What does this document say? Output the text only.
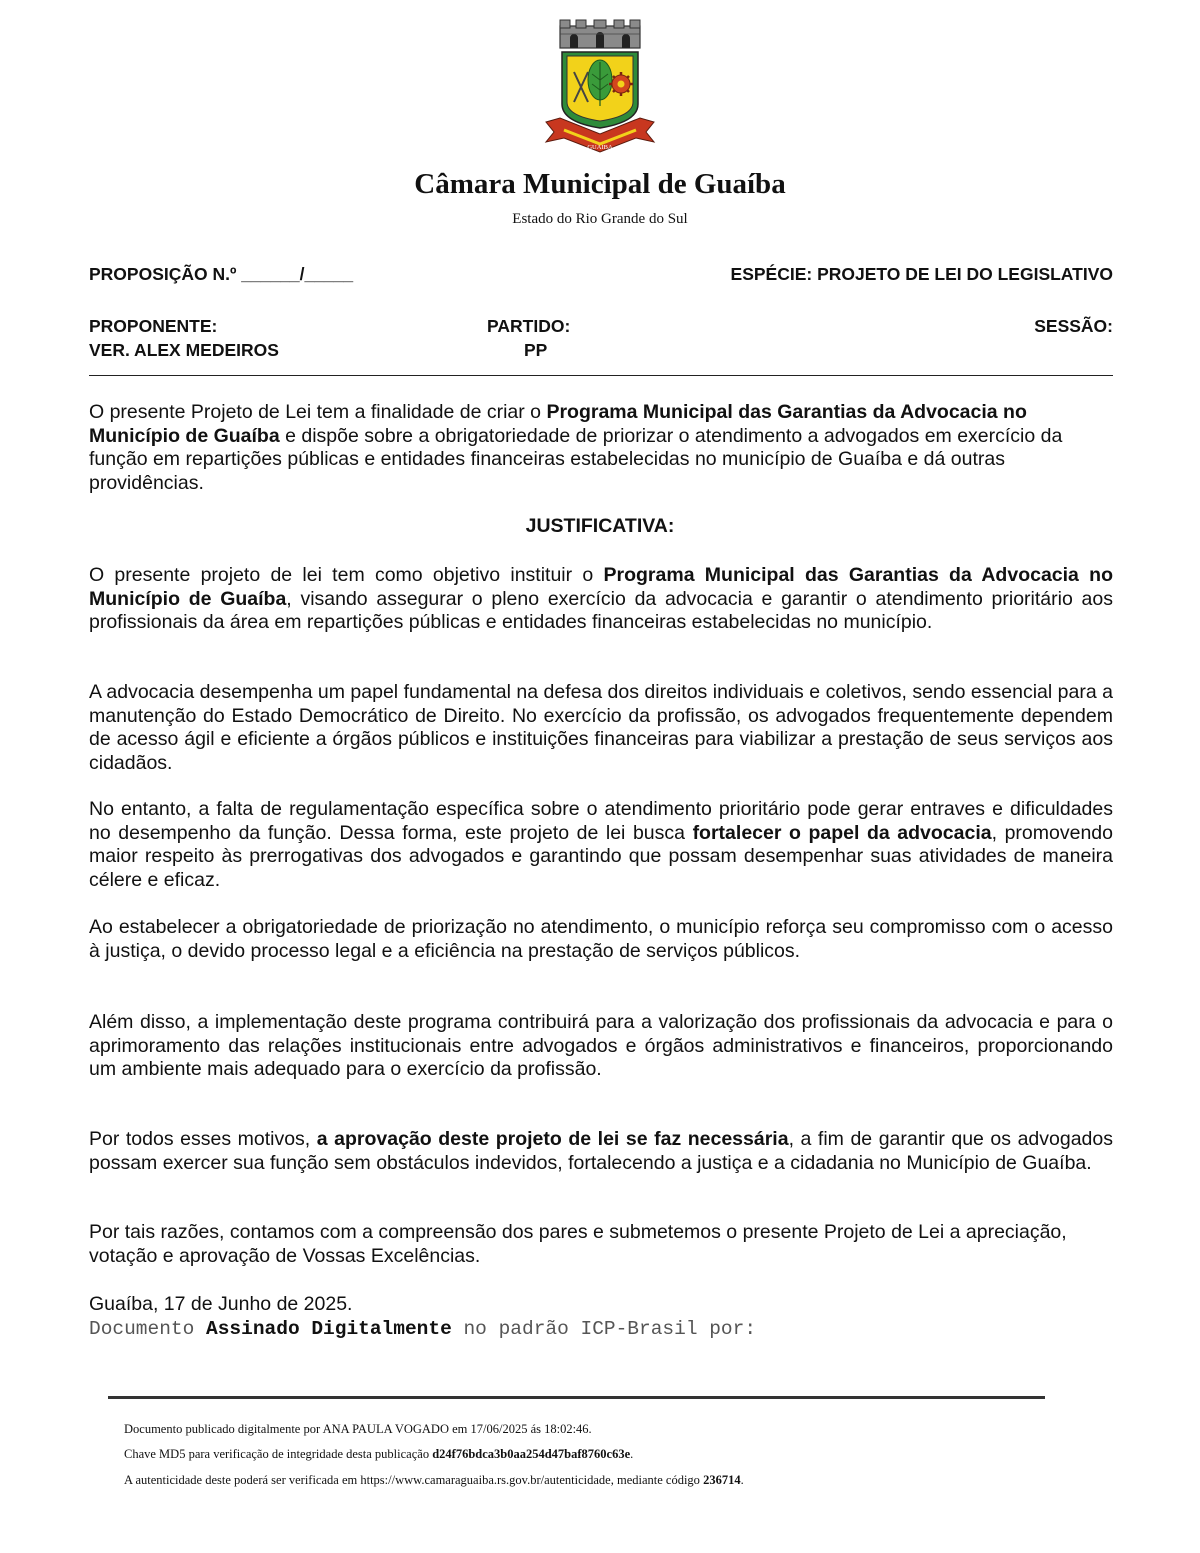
GUAIBA
Câmara Municipal de Guaíba
Estado do Rio Grande do Sul
PROPOSIÇÃO N.º ______/_____	ESPÉCIE: PROJETO DE LEI DO LEGISLATIVO
PROPONENTE:
VER. ALEX MEDEIROS
PARTIDO:
PP
SESSÃO:
O presente Projeto de Lei tem a finalidade de criar o Programa Municipal das Garantias da Advocacia no Município de Guaíba e dispõe sobre a obrigatoriedade de priorizar o atendimento a advogados em exercício da função em repartições públicas e entidades financeiras estabelecidas no município de Guaíba e dá outras providências.
JUSTIFICATIVA:
O presente projeto de lei tem como objetivo instituir o Programa Municipal das Garantias da Advocacia no Município de Guaíba, visando assegurar o pleno exercício da advocacia e garantir o atendimento prioritário aos profissionais da área em repartições públicas e entidades financeiras estabelecidas no município.
A advocacia desempenha um papel fundamental na defesa dos direitos individuais e coletivos, sendo essencial para a manutenção do Estado Democrático de Direito. No exercício da profissão, os advogados frequentemente dependem de acesso ágil e eficiente a órgãos públicos e instituições financeiras para viabilizar a prestação de seus serviços aos cidadãos.
No entanto, a falta de regulamentação específica sobre o atendimento prioritário pode gerar entraves e dificuldades no desempenho da função. Dessa forma, este projeto de lei busca fortalecer o papel da advocacia, promovendo maior respeito às prerrogativas dos advogados e garantindo que possam desempenhar suas atividades de maneira célere e eficaz.
Ao estabelecer a obrigatoriedade de priorização no atendimento, o município reforça seu compromisso com o acesso à justiça, o devido processo legal e a eficiência na prestação de serviços públicos.
Além disso, a implementação deste programa contribuirá para a valorização dos profissionais da advocacia e para o aprimoramento das relações institucionais entre advogados e órgãos administrativos e financeiros, proporcionando um ambiente mais adequado para o exercício da profissão.
Por todos esses motivos, a aprovação deste projeto de lei se faz necessária, a fim de garantir que os advogados possam exercer sua função sem obstáculos indevidos, fortalecendo a justiça e a cidadania no Município de Guaíba.
Por tais razões, contamos com a compreensão dos pares e submetemos o presente Projeto de Lei a apreciação, votação e aprovação de Vossas Excelências.
Guaíba, 17 de Junho de 2025.
Documento Assinado Digitalmente no padrão ICP-Brasil por:
Documento publicado digitalmente por ANA PAULA VOGADO em 17/06/2025 ás 18:02:46.
Chave MD5 para verificação de integridade desta publicação d24f76bdca3b0aa254d47baf8760c63e.
A autenticidade deste poderá ser verificada em https://www.camaraguaiba.rs.gov.br/autenticidade, mediante código 236714.
